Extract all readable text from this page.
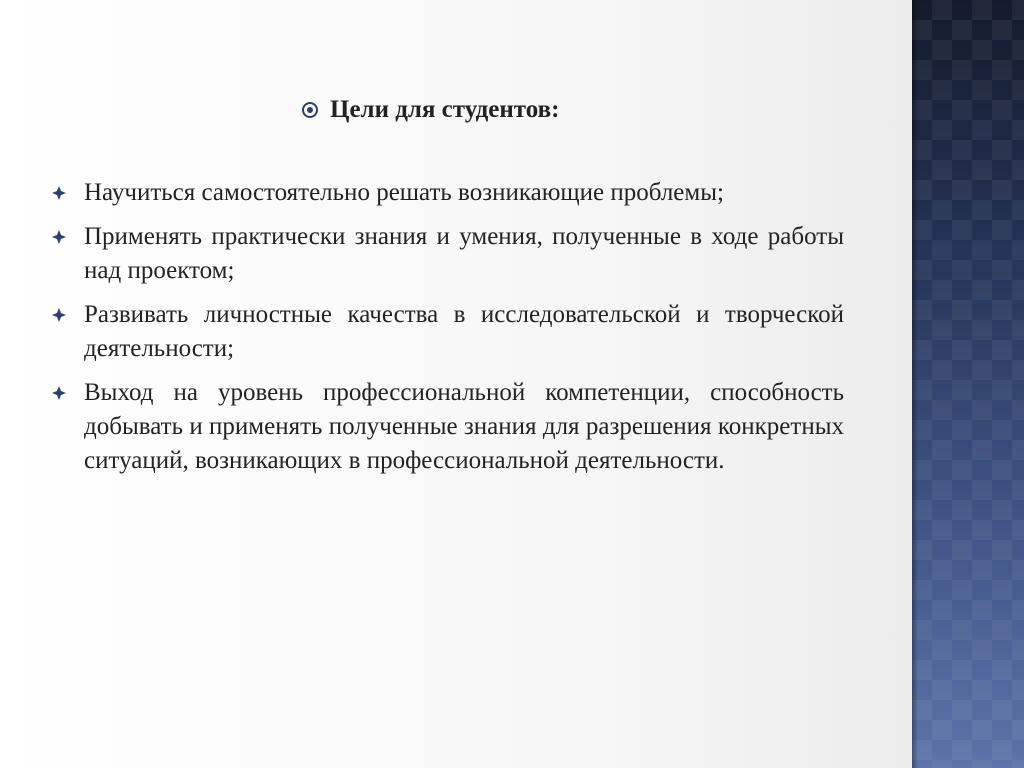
Цели для студентов:
Научиться самостоятельно решать возникающие проблемы;
Применять практически знания и умения, полученные в ходе работы над проектом;
Развивать личностные качества в исследовательской и творческой деятельности;
Выход на уровень профессиональной компетенции, способность добывать и применять полученные знания для разрешения конкретных ситуаций, возникающих в профессиональной деятельности.
